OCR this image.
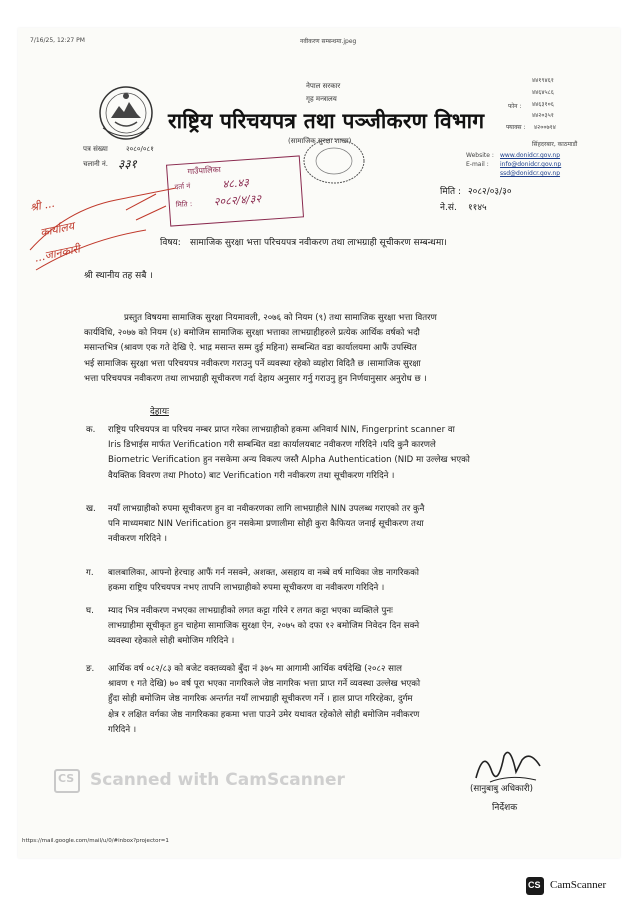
7/16/25, 12:27 PM	नवीकरण सम्बन्धमा.jpeg
नेपाल सरकार
गृह मन्त्रालय
राष्ट्रिय परिचयपत्र तथा पञ्जीकरण विभाग
(सामाजिक सुरक्षा शाखा)
फोन :
४४१९४६१
४४६४५८६
४४६३१०६
४४२०३५१
फ्याक्स : ४२००७१४
सिंहदरबार, काठमाडौं
Website : www.donidcr.gov.np
E-mail : info@donidcr.gov.np
ssd@donidcr.gov.np
पत्र संख्या	२०८०/०८१
चलानी नं. ३३१	गाउँपालिका
दर्ता नं	४८.४३
मिति : २०८२/४/३२
मिति : २०८२/०३/३०
ने.सं. ११४५
श्री ...
कार्यालय
...जानकारी	विषय: सामाजिक सुरक्षा भत्ता परिचयपत्र नवीकरण तथा लाभग्राही सूचीकरण सम्बन्धमा।
श्री स्थानीय तह सबै ।

प्रस्तुत विषयमा सामाजिक सुरक्षा नियमावली, २०७६ को नियम (९) तथा सामाजिक सुरक्षा भत्ता वितरण

कार्यविधि, २०७७ को नियम (४) बमोजिम सामाजिक सुरक्षा भत्ताका लाभग्राहीहरुले प्रत्येक आर्थिक वर्षको भदौ

मसान्तभित्र (श्रावण एक गते देखि ऐ. भाद्र मसान्त सम्म दुई महिना) सम्बन्धित वडा कार्यालयमा आफैं उपस्थित

भई सामाजिक सुरक्षा भत्ता परिचयपत्र नवीकरण गराउनु पर्ने व्यवस्था रहेको व्यहोरा विदितै छ ।सामाजिक सुरक्षा

भत्ता परिचयपत्र नवीकरण तथा लाभग्राही सूचीकरण गर्दा देहाय अनुसार गर्नु गराउनु हुन निर्णयानुसार अनुरोध छ ।

देहायः
क. राष्ट्रिय परिचयपत्र वा परिचय नम्बर प्राप्त गरेका लाभग्राहीको हकमा अनिवार्य NIN, Fingerprint scanner वा
Iris डिभाईस मार्फत Verification गरी सम्बन्धित वडा कार्यालयबाट नवीकरण गरिदिने ।यदि कुनै कारणले
Biometric Verification हुन नसकेमा अन्य विकल्प जस्तै Alpha Authentication (NID मा उल्लेख भएको
वैयक्तिक विवरण तथा Photo) बाट Verification गरी नवीकरण तथा सूचीकरण गरिदिने ।
ख. नयाँ लाभग्राहीको रुपमा सूचीकरण हुन वा नवीकरणका लागि लाभग्राहीले NIN उपलब्ध गराएको तर कुनै
पनि माध्यमबाट NIN Verification हुन नसकेमा प्रणालीमा सोही कुरा कैफियत जनाई सूचीकरण तथा
नवीकरण गरिदिने ।
ग. बालबालिका, आफ्नो हेरचाह आफैं गर्न नसक्ने, अशक्त, असहाय वा नब्बे वर्ष माथिका जेष्ठ नागरिकको
हकमा राष्ट्रिय परिचयपत्र नभए तापनि लाभग्राहीको रुपमा सूचीकरण वा नवीकरण गरिदिने ।
घ. म्याद भित्र नवीकरण नभएका लाभग्राहीको लगत कट्टा गरिने र लगत कट्टा भएका व्यक्तिले पुनः
लाभग्राहीमा सूचीकृत हुन चाहेमा सामाजिक सुरक्षा ऐन, २०७५ को दफा १२ बमोजिम निवेदन दिन सक्ने
व्यवस्था रहेकाले सोही बमोजिम गरिदिने ।
ङ. आर्थिक वर्ष ०८२/८३ को बजेट वक्तव्यको बुँदा नं ३७५ मा आगामी आर्थिक वर्षदेखि (२०८२ साल
श्रावण १ गते देखि) ७० वर्ष पूरा भएका नागरिकले जेष्ठ नागरिक भत्ता प्राप्त गर्ने व्यवस्था उल्लेख भएको
हुँदा सोही बमोजिम जेष्ठ नागरिक अन्तर्गत नयाँ लाभग्राही सूचीकरण गर्ने । हाल प्राप्त गरिरहेका, दुर्गम
क्षेत्र र लक्षित वर्गका जेष्ठ नागरिकका हकमा भत्ता पाउने उमेर यथावत रहेकोले सोही बमोजिम नवीकरण
गरिदिने ।
CS Scanned with CamScanner	(सानुबाबु अधिकारी)
निर्देशक
https://mail.google.com/mail/u/0/#inbox?projector=1
CS CamScanner
